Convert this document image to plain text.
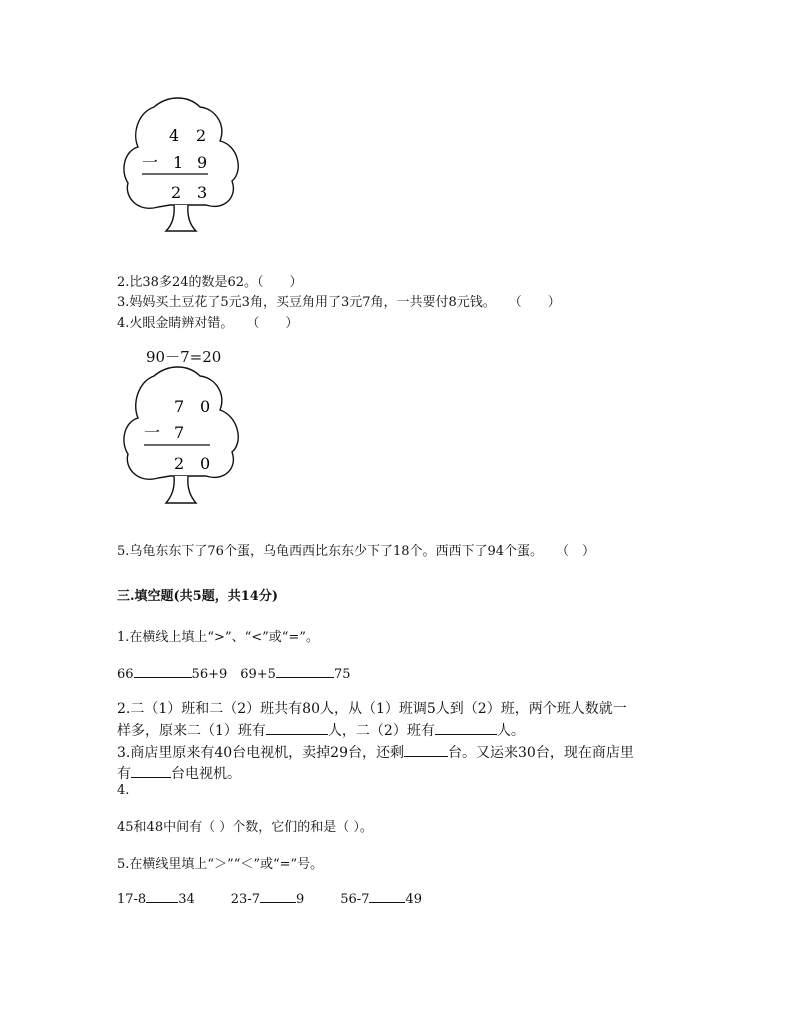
4 2
一 1 9
2 3
2.比38多24的数是62。（　　）
3.妈妈买土豆花了5元3角，买豆角用了3元7角，一共要付8元钱。　　（　　）
4.火眼金睛辨对错。　　（　　）
90－7=20
7 0
一 7
2 0
5.乌龟东东下了76个蛋，乌龟西西比东东少下了18个。西西下了94个蛋。　　（　）
三.填空题(共5题，共14分)
1.在横线上填上“>”、“<”或“=”。
66	56+9　69+5	75
2.二（1）班和二（2）班共有80人，从（1）班调5人到（2）班，两个班人数就一
样多，原来二（1）班有	人，二（2）班有	人。
3.商店里原来有40台电视机，卖掉29台，还剩	台。又运来30台，现在商店里
有	台电视机。
4.
45和48中间有（ ）个数，它们的和是（ ）。
5.在横线里填上“＞”“＜”或“=”号。
17-8 34	23-7	9	56-7	49
